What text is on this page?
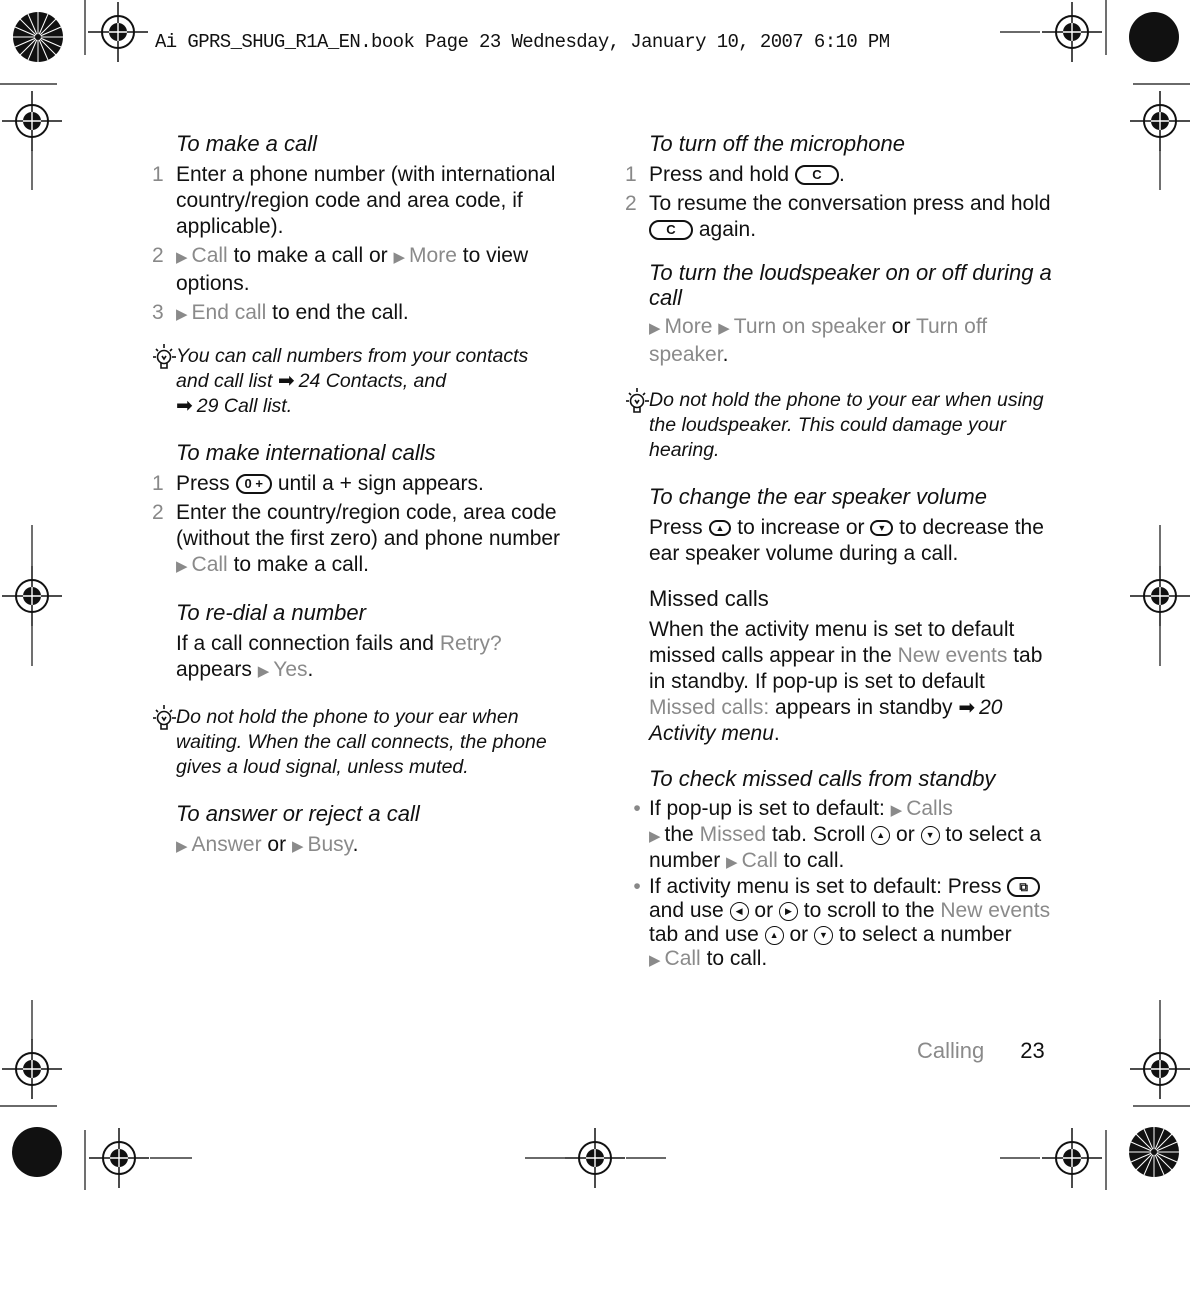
Ai GPRS_SHUG_R1A_EN.book Page 23 Wednesday, January 10, 2007 6:10 PM
To make a call
1 Enter a phone number (with international country/region code and area code, if applicable).
2 ▶ Call to make a call or ▶ More to view options.
3 ▶ End call to end the call.
You can call numbers from your contacts and call list ➡ 24 Contacts, and
➡ 29 Call list.
To make international calls
1 Press 0 + until a + sign appears.
2 Enter the country/region code, area code (without the first zero) and phone number ▶ Call to make a call.
To re-dial a number
If a call connection fails and Retry? appears ▶ Yes.
Do not hold the phone to your ear when waiting. When the call connects, the phone gives a loud signal, unless muted.
To answer or reject a call
▶ Answer or ▶ Busy.
To turn off the microphone
1 Press and hold C .
2 To resume the conversation press and hold C again.
To turn the loudspeaker on or off during a call
▶ More ▶ Turn on speaker or Turn off speaker.
Do not hold the phone to your ear when using the loudspeaker. This could damage your hearing.
To change the ear speaker volume
Press ▲ to increase or ▼ to decrease the ear speaker volume during a call.
Missed calls
When the activity menu is set to default missed calls appear in the New events tab in standby. If pop-up is set to default Missed calls: appears in standby ➡ 20 Activity menu.
To check missed calls from standby
• If pop-up is set to default: ▶ Calls
▶ the Missed tab. Scroll ▲ or ▼ to select a number ▶ Call to call.
• If activity menu is set to default: Press ⧉ and use ◀ or ▶ to scroll to the New events tab and use ▲ or ▼ to select a number ▶ Call to call.
Calling 23
